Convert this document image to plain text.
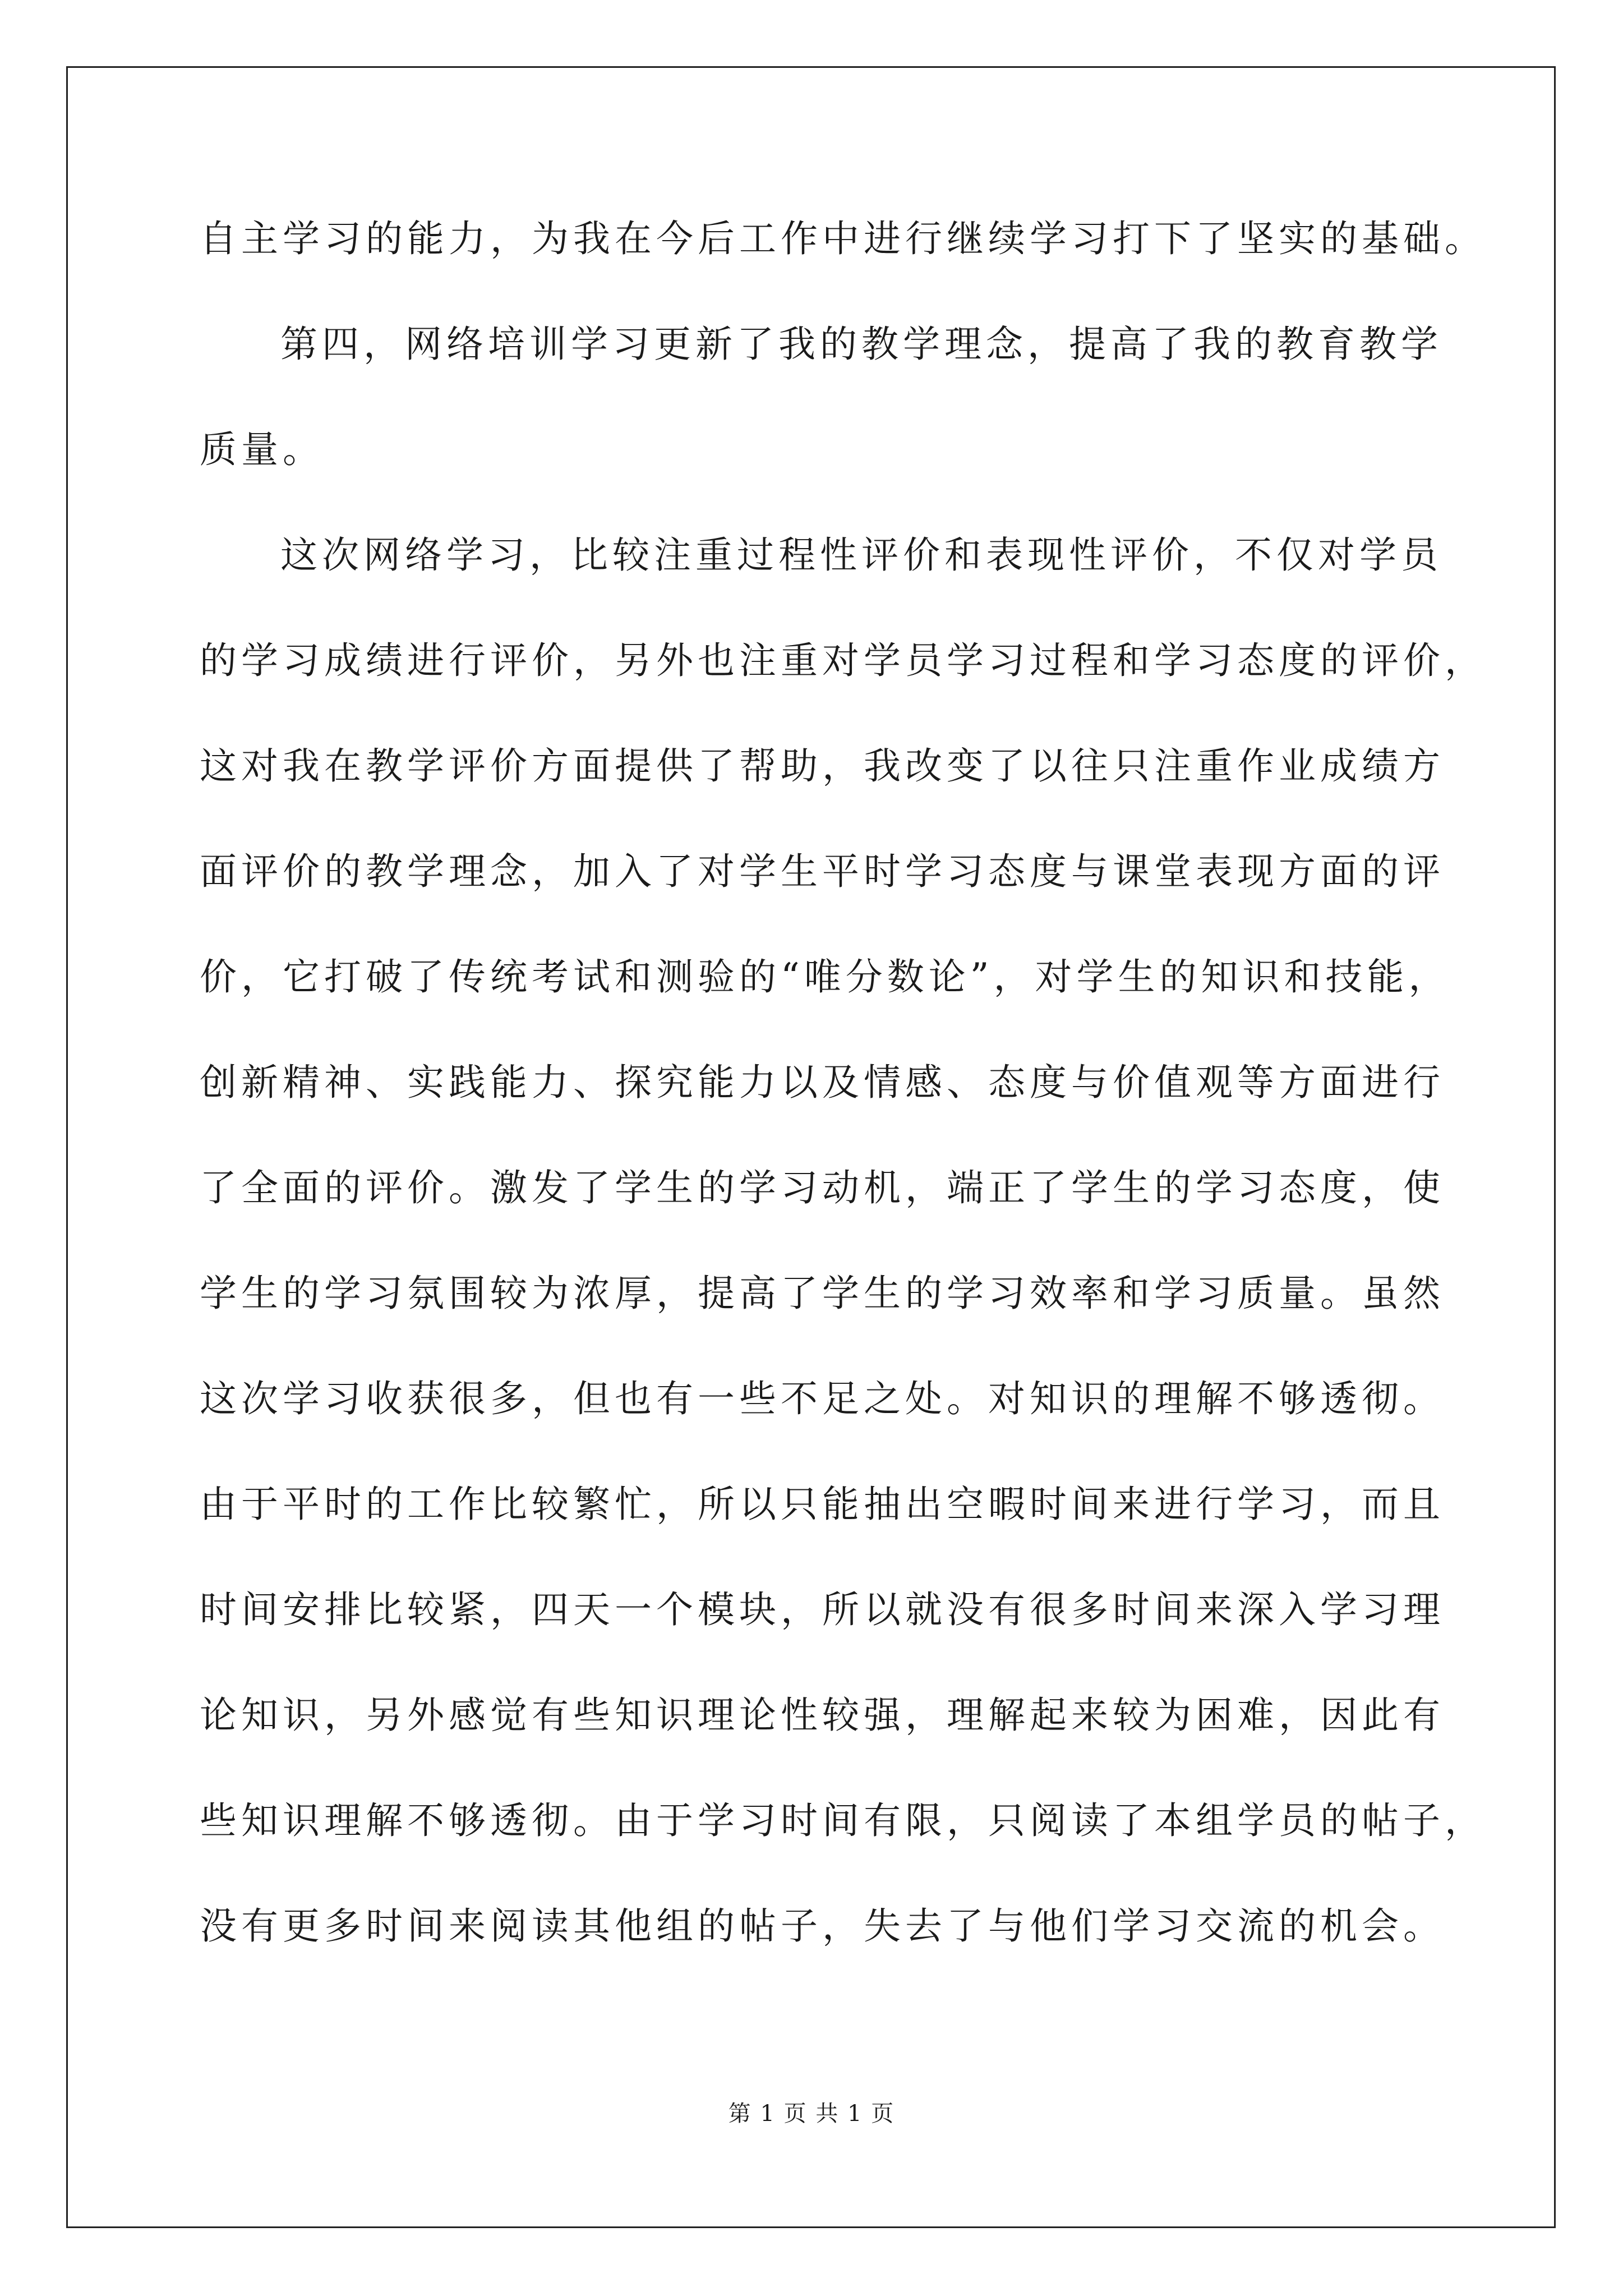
自主学习的能力，为我在今后工作中进行继续学习打下了坚实的基础。
第四，网络培训学习更新了我的教学理念，提高了我的教育教学
质量。
这次网络学习，比较注重过程性评价和表现性评价，不仅对学员
的学习成绩进行评价，另外也注重对学员学习过程和学习态度的评价，
这对我在教学评价方面提供了帮助，我改变了以往只注重作业成绩方
面评价的教学理念，加入了对学生平时学习态度与课堂表现方面的评
价，它打破了传统考试和测验的“唯分数论”，对学生的知识和技能，
创新精神、实践能力、探究能力以及情感、态度与价值观等方面进行
了全面的评价。激发了学生的学习动机，端正了学生的学习态度，使
学生的学习氛围较为浓厚，提高了学生的学习效率和学习质量。虽然
这次学习收获很多，但也有一些不足之处。对知识的理解不够透彻。
由于平时的工作比较繁忙，所以只能抽出空暇时间来进行学习，而且
时间安排比较紧，四天一个模块，所以就没有很多时间来深入学习理
论知识，另外感觉有些知识理论性较强，理解起来较为困难，因此有
些知识理解不够透彻。由于学习时间有限，只阅读了本组学员的帖子，
没有更多时间来阅读其他组的帖子，失去了与他们学习交流的机会。
第 1 页 共 1 页
